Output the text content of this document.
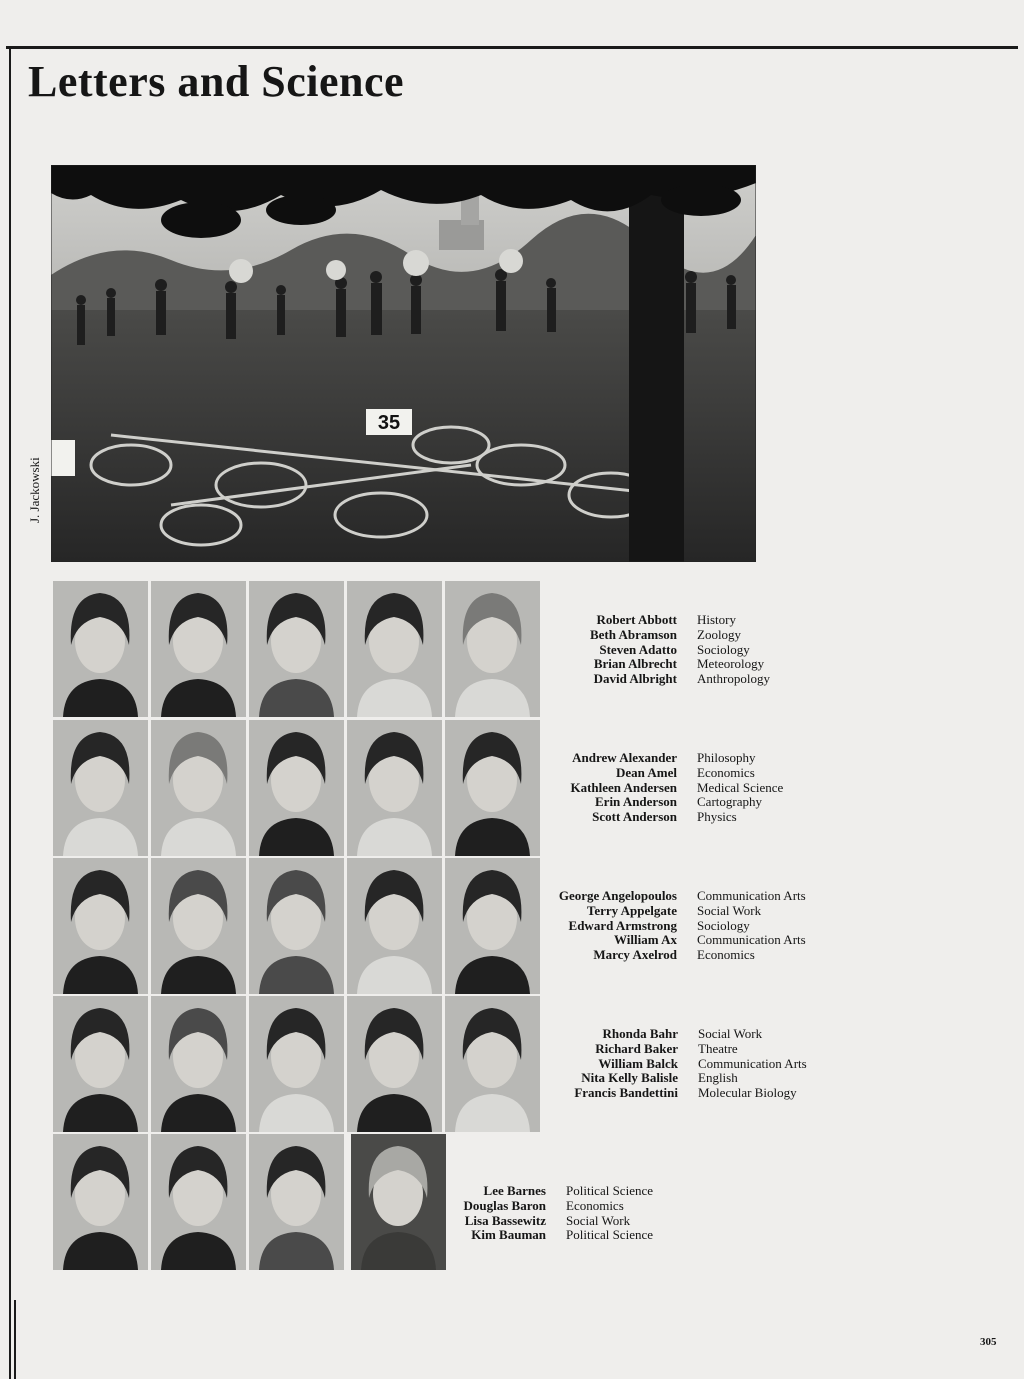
Letters and Science
35
J. Jackowski
Robert Abbott
Beth Abramson
Steven Adatto
Brian Albrecht
David Albright
History
Zoology
Sociology
Meteorology
Anthropology
Andrew Alexander
Dean Amel
Kathleen Andersen
Erin Anderson
Scott Anderson
Philosophy
Economics
Medical Science
Cartography
Physics
George Angelopoulos
Terry Appelgate
Edward Armstrong
William Ax
Marcy Axelrod
Communication Arts
Social Work
Sociology
Communication Arts
Economics
Rhonda Bahr
Richard Baker
William Balck
Nita Kelly Balisle
Francis Bandettini
Social Work
Theatre
Communication Arts
English
Molecular Biology
Lee Barnes
Douglas Baron
Lisa Bassewitz
Kim Bauman
Political Science
Economics
Social Work
Political Science
305
